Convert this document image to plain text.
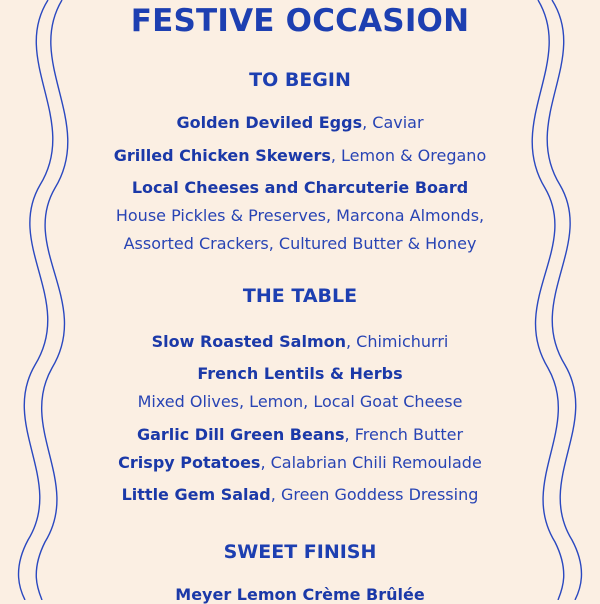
FESTIVE OCCASION
TO BEGIN
Golden Deviled Eggs, Caviar
Grilled Chicken Skewers, Lemon & Oregano
Local Cheeses and Charcuterie Board
House Pickles & Preserves, Marcona Almonds,
Assorted Crackers, Cultured Butter & Honey
THE TABLE
Slow Roasted Salmon, Chimichurri
French Lentils & Herbs
Mixed Olives, Lemon, Local Goat Cheese
Garlic Dill Green Beans, French Butter
Crispy Potatoes, Calabrian Chili Remoulade
Little Gem Salad, Green Goddess Dressing
SWEET FINISH
Meyer Lemon Crème Brûlée
